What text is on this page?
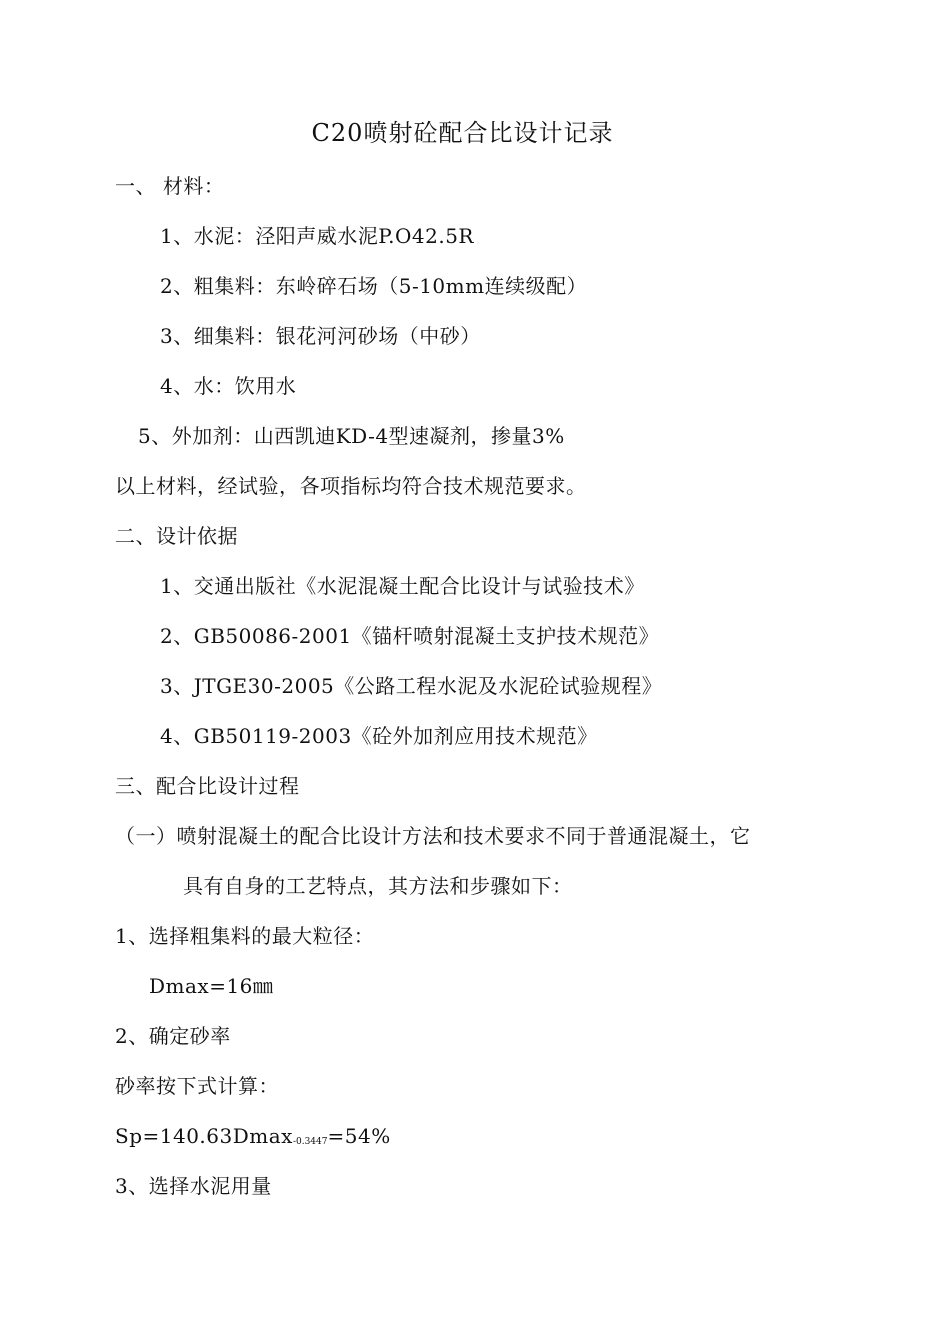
C20喷射砼配合比设计记录
一、 材料：
1、水泥：泾阳声威水泥P.O42.5R
2、粗集料：东岭碎石场（5-10mm连续级配）
3、细集料：银花河河砂场（中砂）
4、水：饮用水
5、外加剂：山西凯迪KD-4型速凝剂，掺量3%
以上材料，经试验，各项指标均符合技术规范要求。
二、设计依据
1、交通出版社《水泥混凝土配合比设计与试验技术》
2、GB50086-2001《锚杆喷射混凝土支护技术规范》
3、JTGE30-2005《公路工程水泥及水泥砼试验规程》
4、GB50119-2003《砼外加剂应用技术规范》
三、配合比设计过程
（一）喷射混凝土的配合比设计方法和技术要求不同于普通混凝土，它
具有自身的工艺特点，其方法和步骤如下：
1、选择粗集料的最大粒径：
Dmax=16㎜
2、确定砂率
砂率按下式计算：
Sp=140.63Dmax-0.3447=54%
3、选择水泥用量
